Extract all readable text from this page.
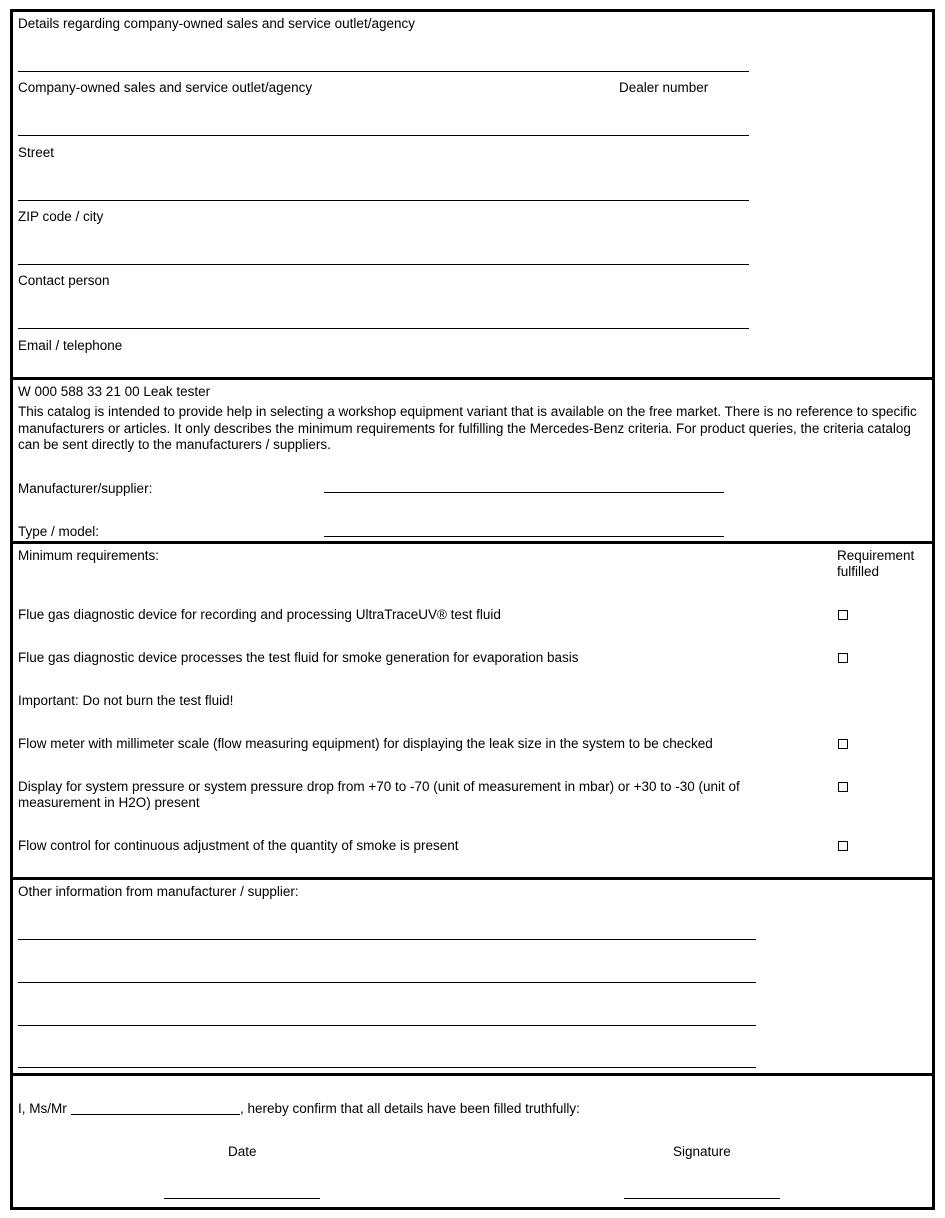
Details regarding company-owned sales and service outlet/agency
Company-owned sales and service outlet/agency	Dealer number
Street
ZIP code / city
Contact person
Email / telephone
W 000 588 33 21 00 Leak tester
This catalog is intended to provide help in selecting a workshop equipment variant that is available on the free market. There is no reference to specific manufacturers or articles. It only describes the minimum requirements for fulfilling the Mercedes-Benz criteria. For product queries, the criteria catalog can be sent directly to the manufacturers / suppliers.
Manufacturer/supplier:
Type / model:
Minimum requirements:	Requirement
fulfilled
Flue gas diagnostic device for recording and processing UltraTraceUV® test fluid
Flue gas diagnostic device processes the test fluid for smoke generation for evaporation basis
Important: Do not burn the test fluid!
Flow meter with millimeter scale (flow measuring equipment) for displaying the leak size in the system to be checked
Display for system pressure or system pressure drop from +70 to -70 (unit of measurement in mbar) or +30 to -30 (unit of measurement in H2O) present
Flow control for continuous adjustment of the quantity of smoke is present
Other information from manufacturer / supplier:
I, Ms/Mr	, hereby confirm that all details have been filled truthfully:
Date	Signature
